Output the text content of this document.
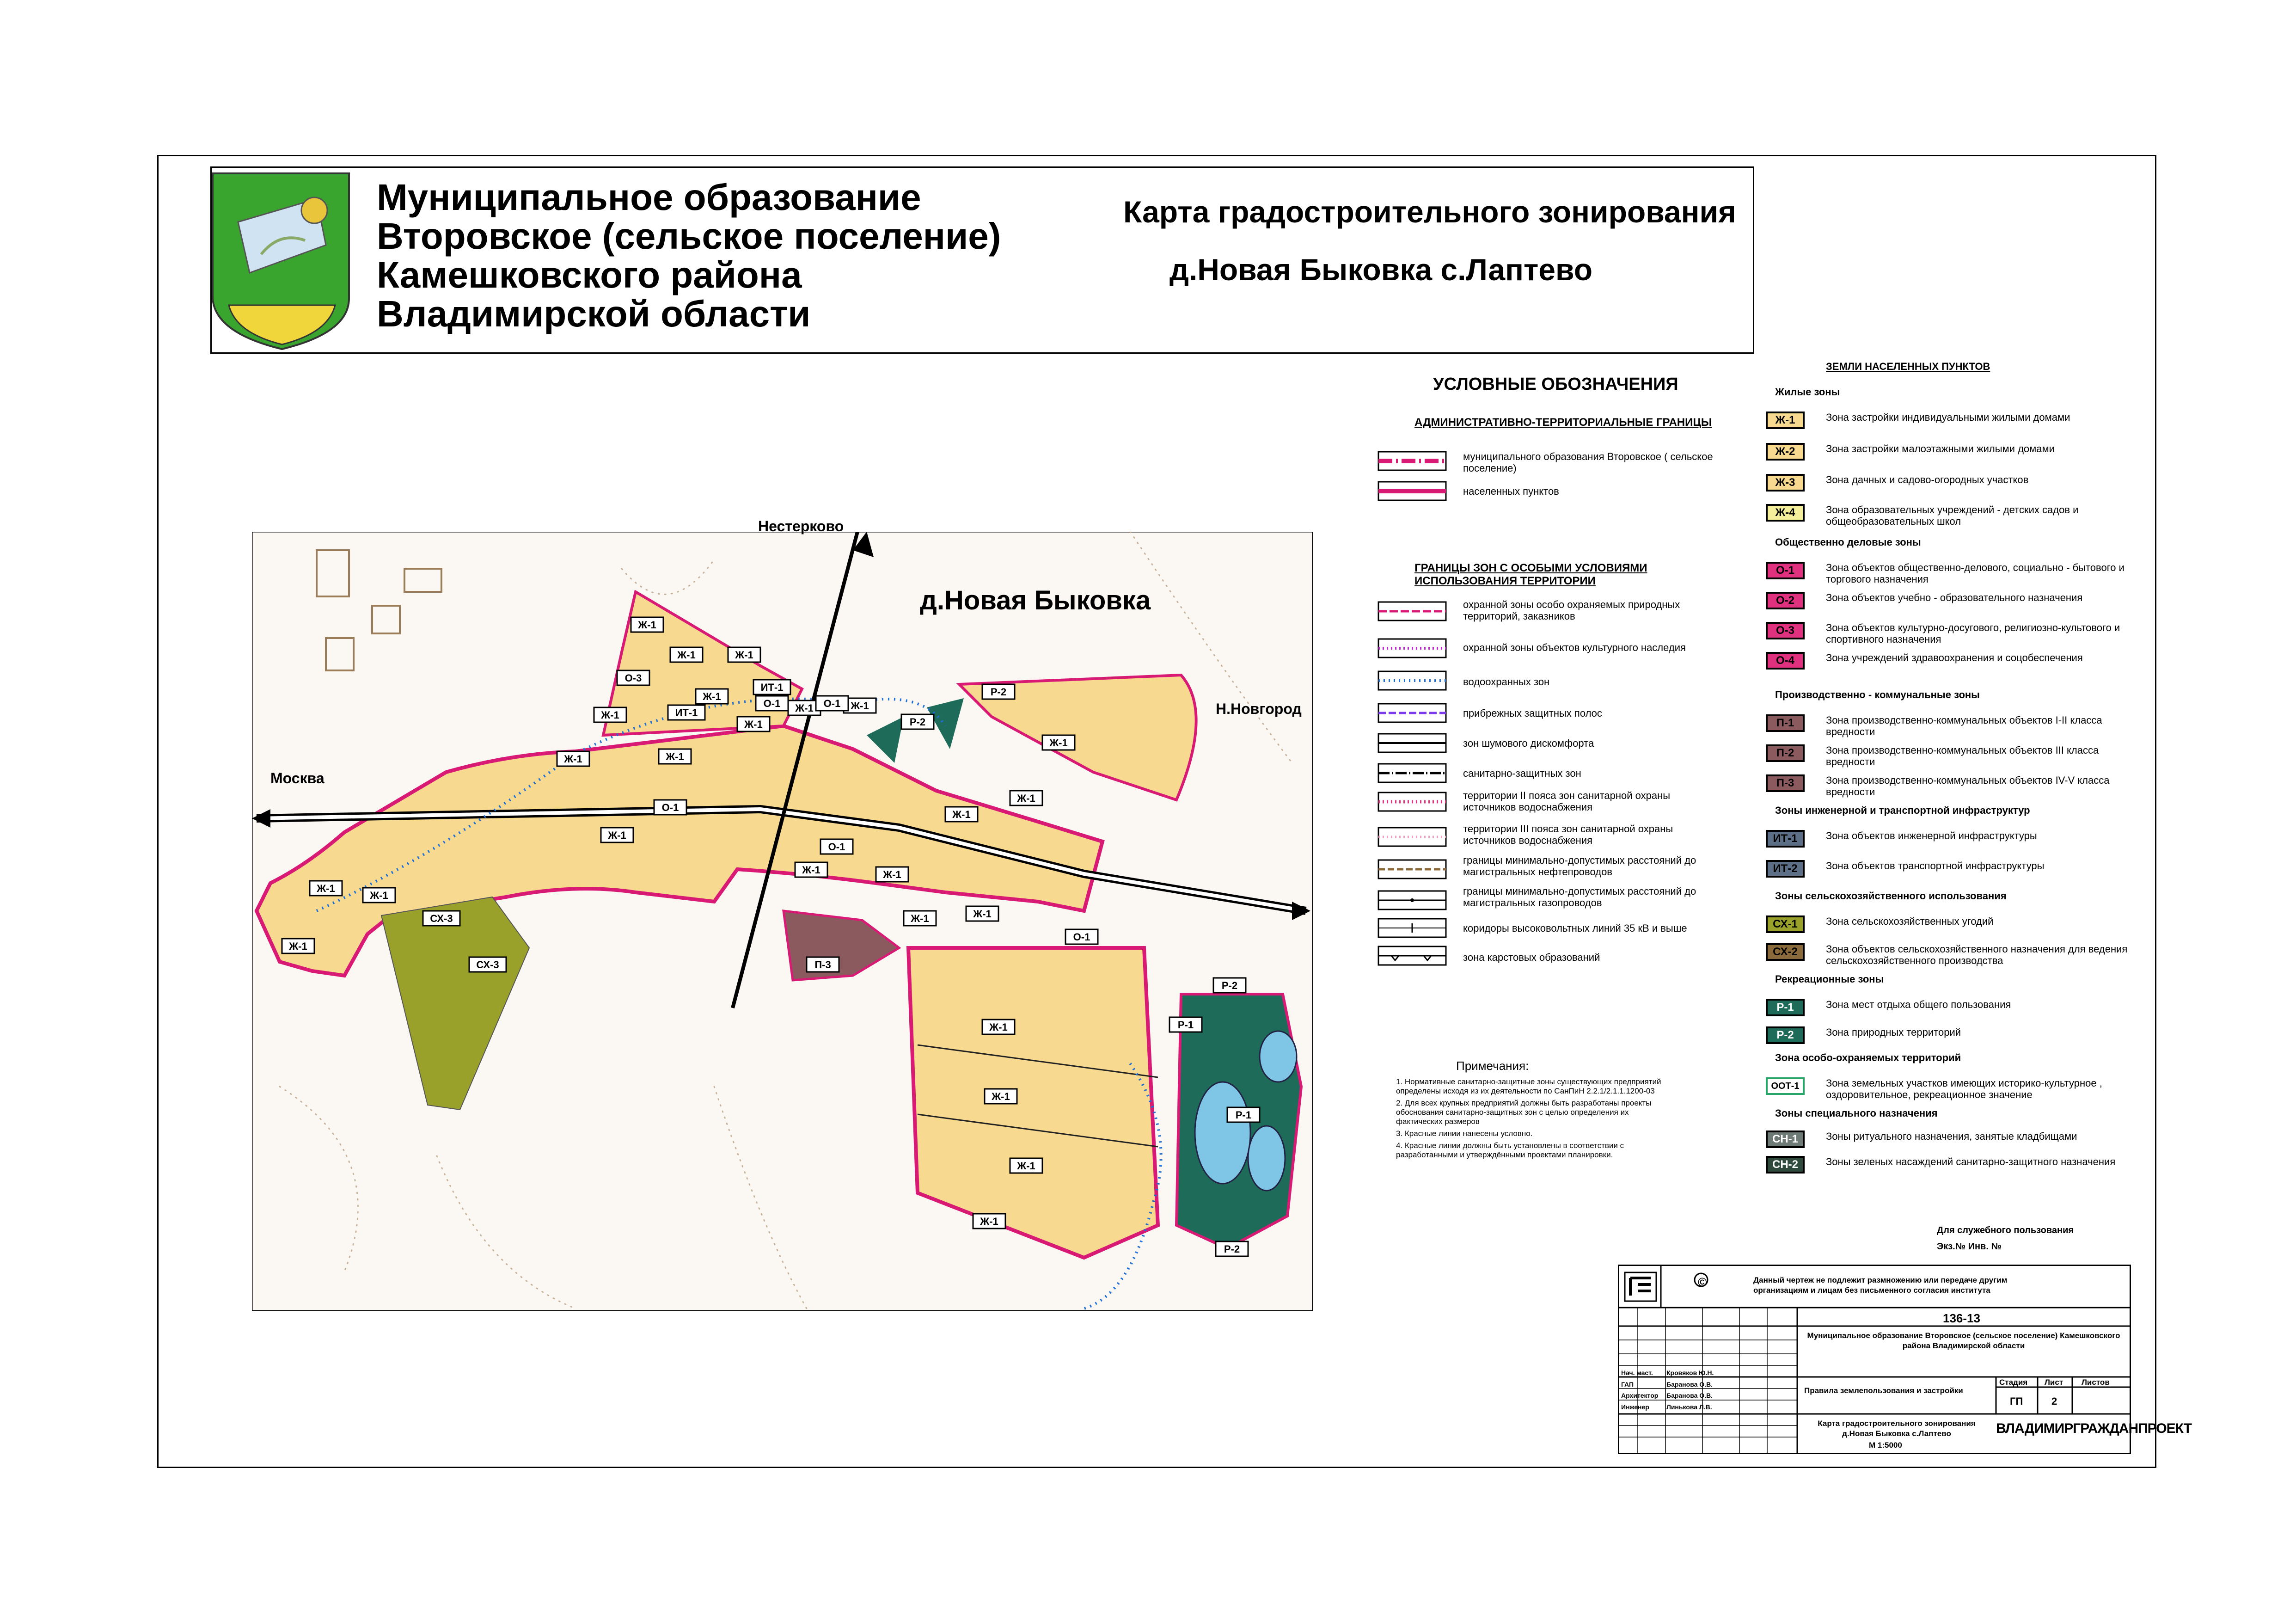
Муниципальное образование
Второвское (сельское поселение)
Камешковского района
Владимирской области
Карта градостроительного зонирования
д.Новая Быковка с.Лаптево
Ж-1
Ж-1	Ж-1
Ж-1
Ж-1
Ж-1
Ж-1	Ж-1
Ж-1
Ж-1	Ж-1
Ж-1
Ж-1
Ж-1
Ж-1	Ж-1
Ж-1
Ж-1
Ж-1
Ж-1
Ж-1
Ж-1
Ж-1
Ж-1
Ж-1
О-3
О-1
О-1
О-1
О-1
О-1
ИТ-1
ИТ-1
Р-1
Р-1
Р-2
Р-2
Р-2
Р-2
П-3
СХ-3
СХ-3
д.Новая Быковка
Нестерково
Москва
Н.Новгород
УСЛОВНЫЕ ОБОЗНАЧЕНИЯ
АДМИНИСТРАТИВНО-ТЕРРИТОРИАЛЬНЫЕ ГРАНИЦЫ
муниципального образования Второвское ( сельское поселение)
населенных пунктов
ГРАНИЦЫ ЗОН С ОСОБЫМИ УСЛОВИЯМИ ИСПОЛЬЗОВАНИЯ ТЕРРИТОРИИ
охранной зоны особо охраняемых природных территорий, заказников
охранной зоны объектов культурного наследия
водоохранных зон
прибрежных защитных полос
зон шумового дискомфорта
санитарно-защитных зон
территории II пояса зон санитарной охраны источников водоснабжения
территории III пояса зон санитарной охраны источников водоснабжения
границы минимально-допустимых расстояний до магистральных нефтепроводов
границы минимально-допустимых расстояний до магистральных газопроводов
коридоры высоковольтных линий 35 кВ и выше
зона карстовых образований
ЗЕМЛИ НАСЕЛЕННЫХ ПУНКТОВ
Жилые зоны
Ж-1	Зона застройки индивидуальными жилыми домами
Ж-2	Зона застройки малоэтажными жилыми домами
Ж-3	Зона дачных и садово-огородных участков
Ж-4	Зона образовательных учреждений - детских садов и общеобразовательных школ
Общественно деловые зоны
О-1	Зона объектов общественно-делового, социально - бытового и торгового назначения
О-2	Зона объектов учебно - образовательного назначения
О-3	Зона объектов культурно-досугового, религиозно-культового и спортивного назначения
О-4	Зона учреждений здравоохранения и соцобеспечения
Производственно - коммунальные зоны
П-1	Зона производственно-коммунальных объектов I-II класса вредности
П-2	Зона производственно-коммунальных объектов III класса вредности
П-3	Зона производственно-коммунальных объектов IV-V класса вредности
Зоны инженерной и транспортной инфраструктур
ИТ-1	Зона объектов инженерной инфраструктуры
ИТ-2	Зона объектов транспортной инфраструктуры
Зоны сельскохозяйственного использования
СХ-1	Зона сельскохозяйственных угодий
СХ-2	Зона объектов сельскохозяйственного назначения для ведения сельскохозяйственного производства
Рекреационные зоны
Р-1	Зона мест отдыха общего пользования
Р-2	Зона природных территорий
Зона особо-охраняемых территорий
ООТ-1	Зона земельных участков имеющих историко-культурное , оздоровительное, рекреационное значение
Зоны специального назначения
СН-1	Зоны ритуального назначения, занятые кладбищами
СН-2	Зоны зеленых насаждений санитарно-защитного назначения
Примечания:
1. Нормативные санитарно-защитные зоны существующих предприятий определены исходя из их деятельности по СанПиН 2.2.1/2.1.1.1200-03
2. Для всех крупных предприятий должны быть разработаны проекты обоснования санитарно-защитных зон с целью определения их фактических размеров
3. Красные линии нанесены условно.
4. Красные линии должны быть установлены в соответствии с разработанными и утверждёнными проектами планировки.
Для служебного пользования
Экз.№ Инв. №
©	Данный чертеж не подлежит размножению или передаче другим организациям и лицам без письменного согласия института
136-13
Муниципальное образование Второвское (сельское поселение) Камешковского района Владимирской области
Правила землепользования и застройки
Стадия Лист Листов
ГП	2
Карта градостроительного зонирования д.Новая Быковка с.Лаптево
М 1:5000
ВЛАДИМИРГРАЖДАНПРОЕКТ
Нач. маст. Кровяков Ю.Н.
ГАП	Баранова О.В.
Архитектор Баранова О.В.
Инженер	Линькова Л.В.
